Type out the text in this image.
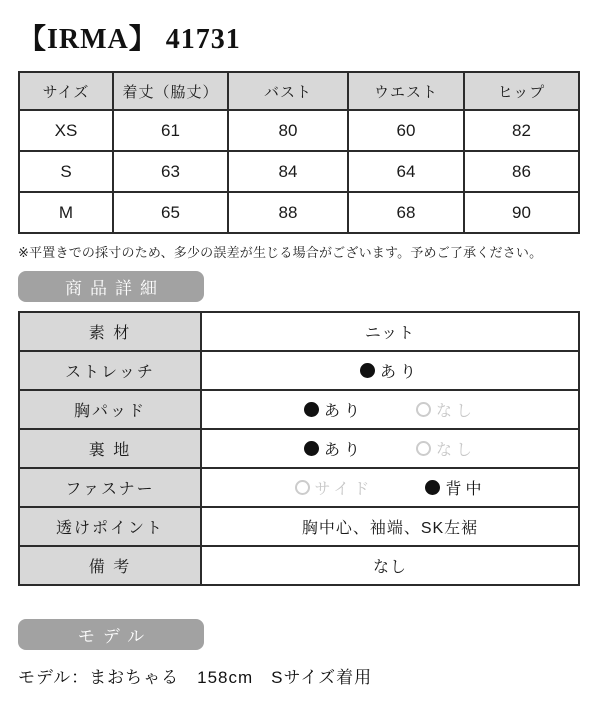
【IRMA】 41731
サイズ	着丈（脇丈）	バスト	ウエスト	ヒップ
XS	61	80	60	82
S	63	84	64	86
M	65	88	68	90
※平置きでの採寸のため、多少の誤差が生じる場合がございます。予めご了承ください。
商品詳細
素 材	ニット
ストレッチ	あり

胸パッド	あり なし

裏 地	あり なし

ファスナー	サイド 背中

透けポイント	胸中心、袖端、SK左裾
備 考	なし
モデル
モデル：まおちゃる　158cm　Sサイズ着用
